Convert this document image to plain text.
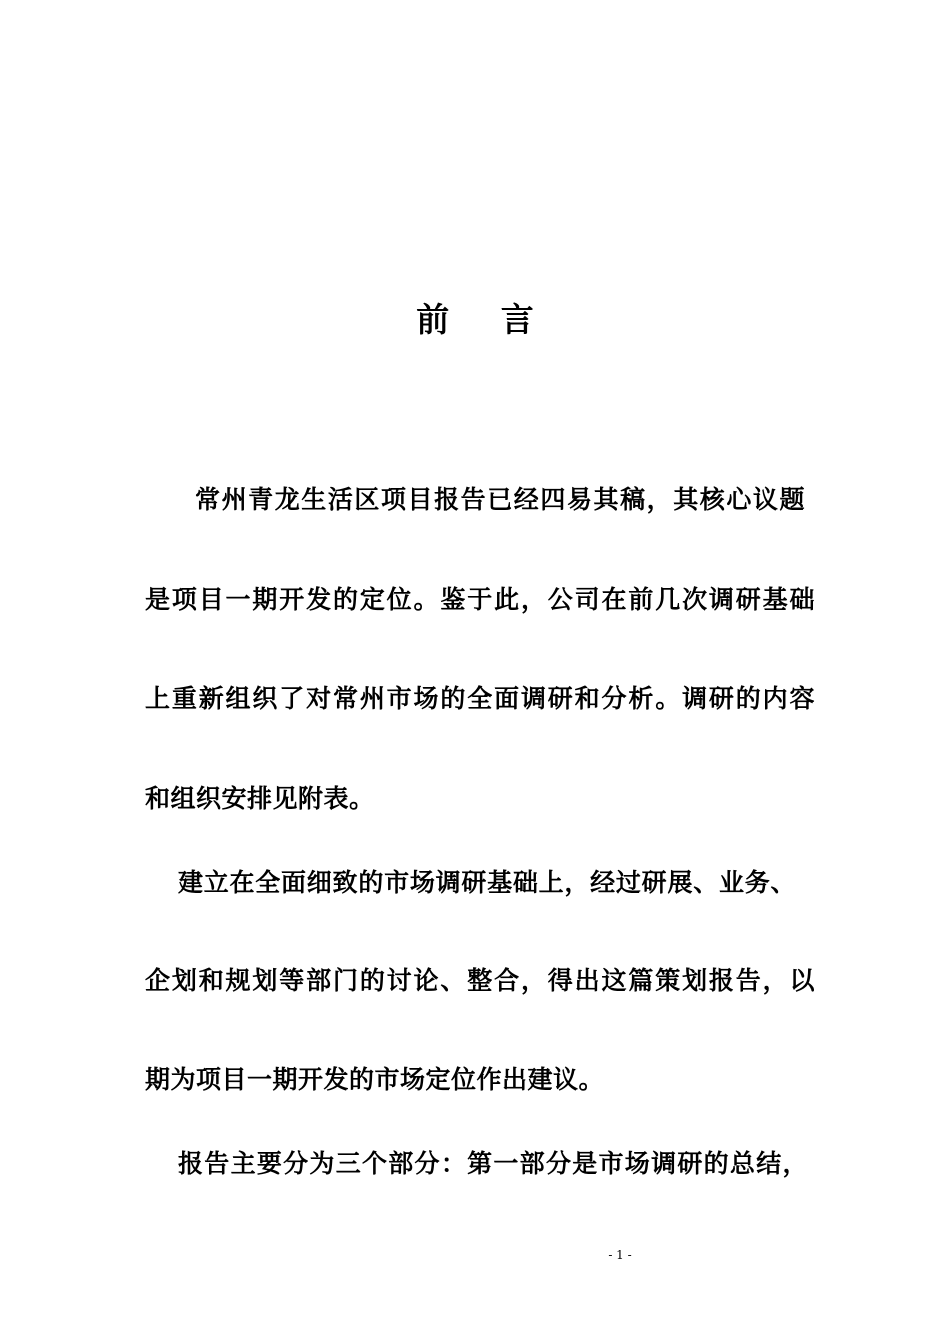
前 言
常州青龙生活区项目报告已经四易其稿，其核心议题
是项目一期开发的定位。鉴于此，公司在前几次调研基础
上重新组织了对常州市场的全面调研和分析。调研的内容
和组织安排见附表。
建立在全面细致的市场调研基础上，经过研展、业务、
企划和规划等部门的讨论、整合，得出这篇策划报告，以
期为项目一期开发的市场定位作出建议。
报告主要分为三个部分：第一部分是市场调研的总结，
- 1 -
